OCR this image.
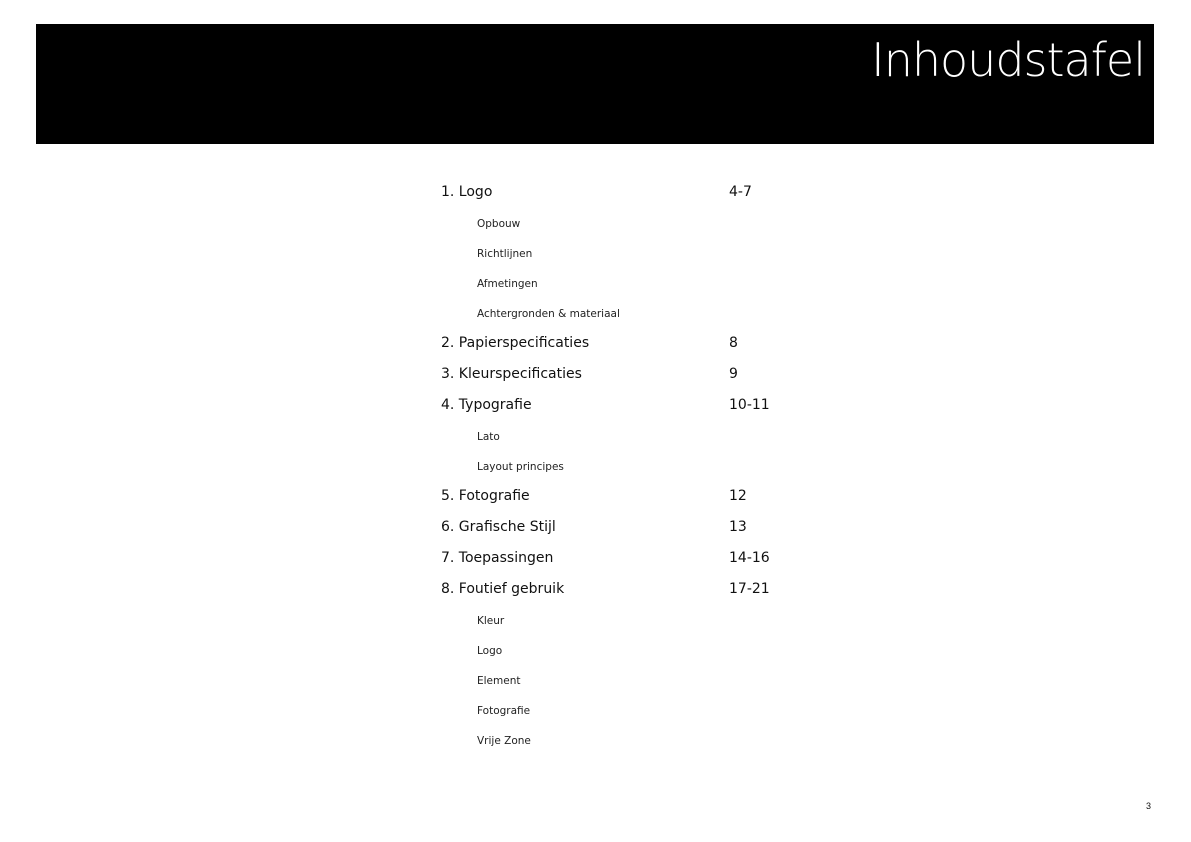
Inhoudstafel
1. Logo	4-7
Opbouw
Richtlijnen
Afmetingen
Achtergronden & materiaal
2. Papierspecificaties	8
3. Kleurspecificaties	9
4. Typografie	10-11
Lato
Layout principes
5. Fotografie	12
6. Grafische Stijl	13
7. Toepassingen	14-16
8. Foutief gebruik	17-21
Kleur
Logo
Element
Fotografie
Vrije Zone
3
